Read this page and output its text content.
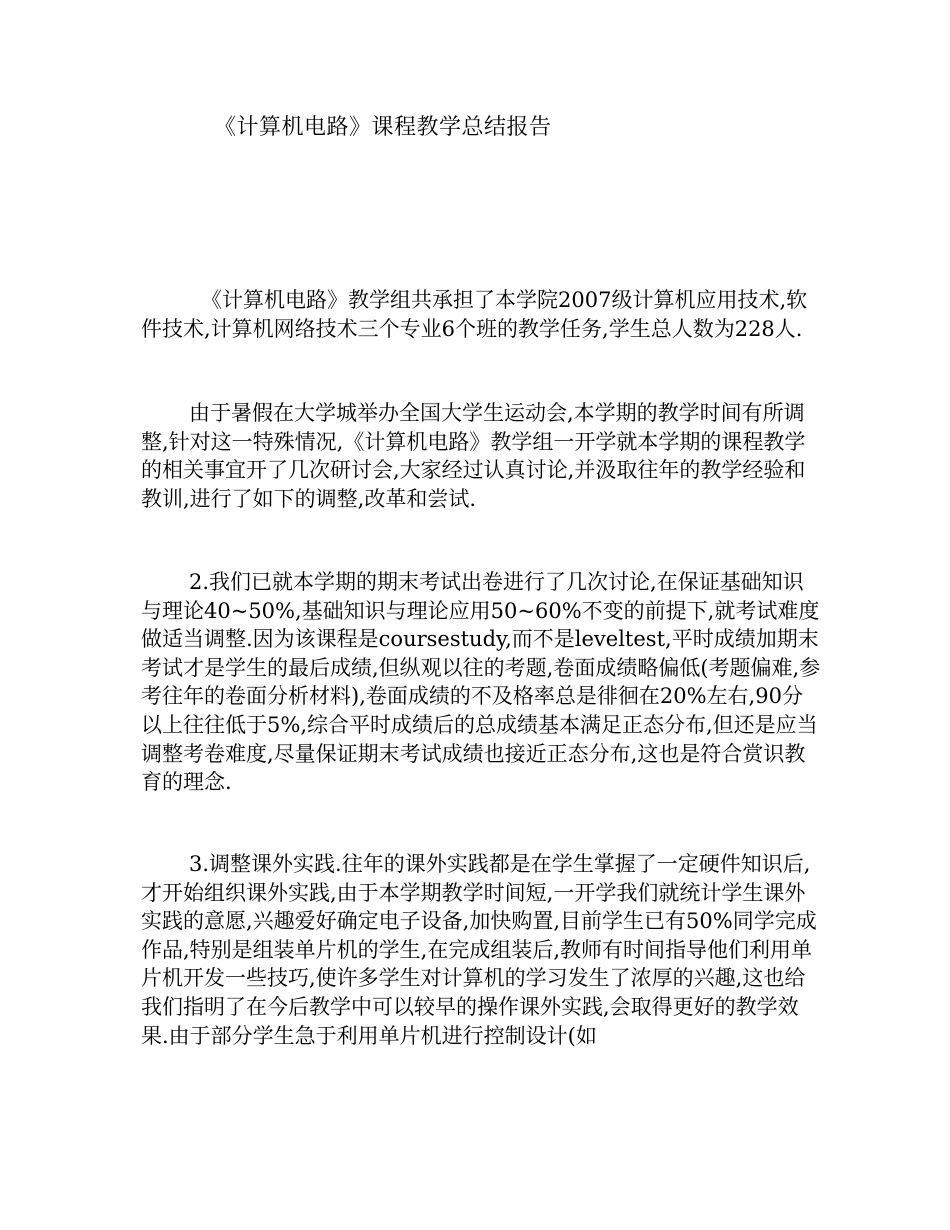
《计算机电路》课程教学总结报告

《计算机电路》教学组共承担了本学院2007级计算机应用技术,软件技术,计算机网络技术三个专业6个班的教学任务,学生总人数为228人.

由于暑假在大学城举办全国大学生运动会,本学期的教学时间有所调整,针对这一特殊情况,《计算机电路》教学组一开学就本学期的课程教学的相关事宜开了几次研讨会,大家经过认真讨论,并汲取往年的教学经验和教训,进行了如下的调整,改革和尝试.

2.我们已就本学期的期末考试出卷进行了几次讨论,在保证基础知识与理论40~50%,基础知识与理论应用50~60%不变的前提下,就考试难度做适当调整.因为该课程是coursestudy,而不是leveltest,平时成绩加期末考试才是学生的最后成绩,但纵观以往的考题,卷面成绩略偏低(考题偏难,参考往年的卷面分析材料),卷面成绩的不及格率总是徘徊在20%左右,90分以上往往低于5%,综合平时成绩后的总成绩基本满足正态分布,但还是应当调整考卷难度,尽量保证期末考试成绩也接近正态分布,这也是符合赏识教育的理念.

3.调整课外实践.往年的课外实践都是在学生掌握了一定硬件知识后,才开始组织课外实践,由于本学期教学时间短,一开学我们就统计学生课外实践的意愿,兴趣爱好确定电子设备,加快购置,目前学生已有50%同学完成作品,特别是组装单片机的学生,在完成组装后,教师有时间指导他们利用单片机开发一些技巧,使许多学生对计算机的学习发生了浓厚的兴趣,这也给我们指明了在今后教学中可以较早的操作课外实践,会取得更好的教学效果.由于部分学生急于利用单片机进行控制设计(如
